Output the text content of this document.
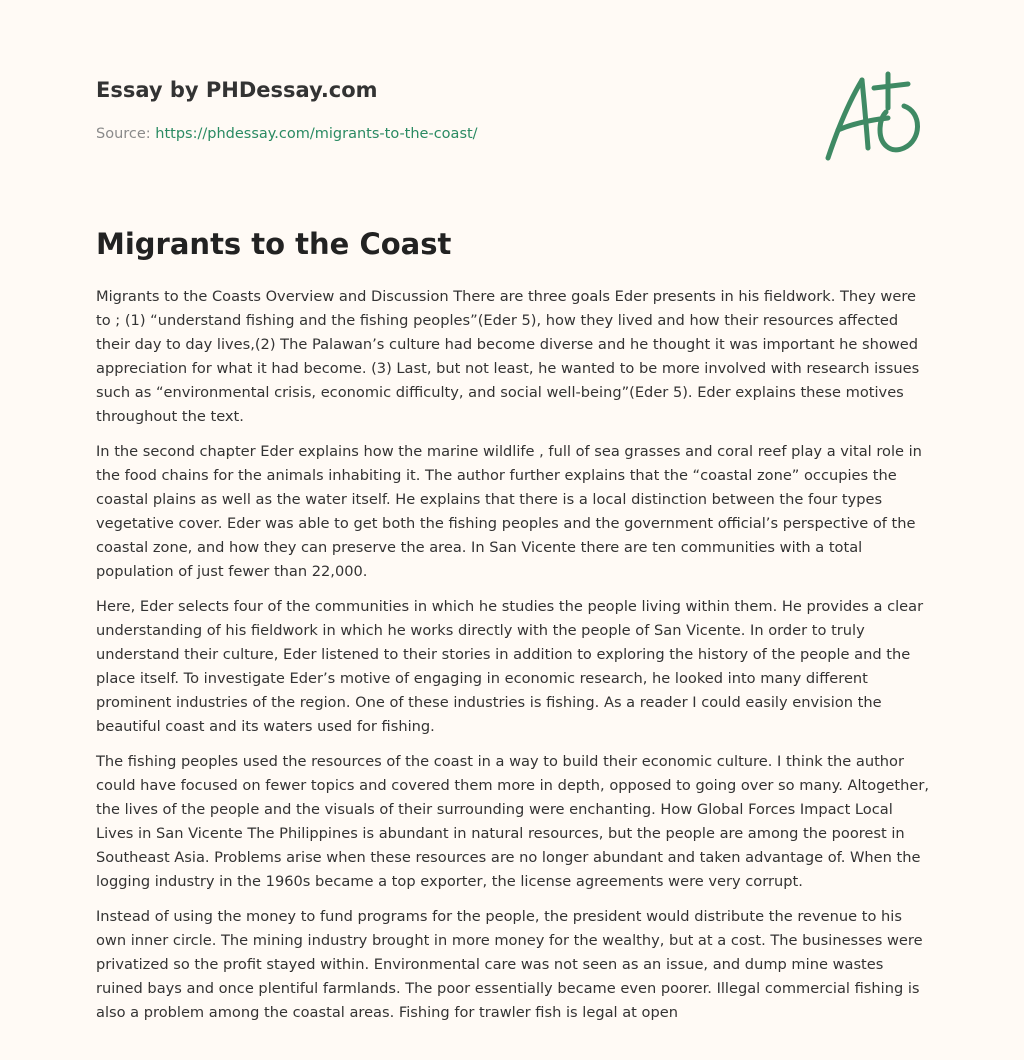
Essay by PHDessay.com
Source: https://phdessay.com/migrants-to-the-coast/
Migrants to the Coast

Migrants to the Coasts Overview and Discussion There are three goals Eder presents in his fieldwork. They were to ; (1) “understand fishing and the fishing peoples”(Eder 5), how they lived and how their resources affected their day to day lives,(2) The Palawan’s culture had become diverse and he thought it was important he showed appreciation for what it had become. (3) Last, but not least, he wanted to be more involved with research issues such as “environmental crisis, economic difficulty, and social well-being”(Eder 5). Eder explains these motives throughout the text.

In the second chapter Eder explains how the marine wildlife , full of sea grasses and coral reef play a vital role in the food chains for the animals inhabiting it. The author further explains that the “coastal zone” occupies the coastal plains as well as the water itself. He explains that there is a local distinction between the four types vegetative cover. Eder was able to get both the fishing peoples and the government official’s perspective of the coastal zone, and how they can preserve the area. In San Vicente there are ten communities with a total population of just fewer than 22,000.

Here, Eder selects four of the communities in which he studies the people living within them. He provides a clear understanding of his fieldwork in which he works directly with the people of San Vicente. In order to truly understand their culture, Eder listened to their stories in addition to exploring the history of the people and the place itself. To investigate Eder’s motive of engaging in economic research, he looked into many different prominent industries of the region. One of these industries is fishing. As a reader I could easily envision the beautiful coast and its waters used for fishing.

The fishing peoples used the resources of the coast in a way to build their economic culture. I think the author could have focused on fewer topics and covered them more in depth, opposed to going over so many. Altogether, the lives of the people and the visuals of their surrounding were enchanting. How Global Forces Impact Local Lives in San Vicente The Philippines is abundant in natural resources, but the people are among the poorest in Southeast Asia. Problems arise when these resources are no longer abundant and taken advantage of. When the logging industry in the 1960s became a top exporter, the license agreements were very corrupt.

Instead of using the money to fund programs for the people, the president would distribute the revenue to his own inner circle. The mining industry brought in more money for the wealthy, but at a cost. The businesses were privatized so the profit stayed within. Environmental care was not seen as an issue, and dump mine wastes ruined bays and once plentiful farmlands. The poor essentially became even poorer. Illegal commercial fishing is also a problem among the coastal areas. Fishing for trawler fish is legal at open
